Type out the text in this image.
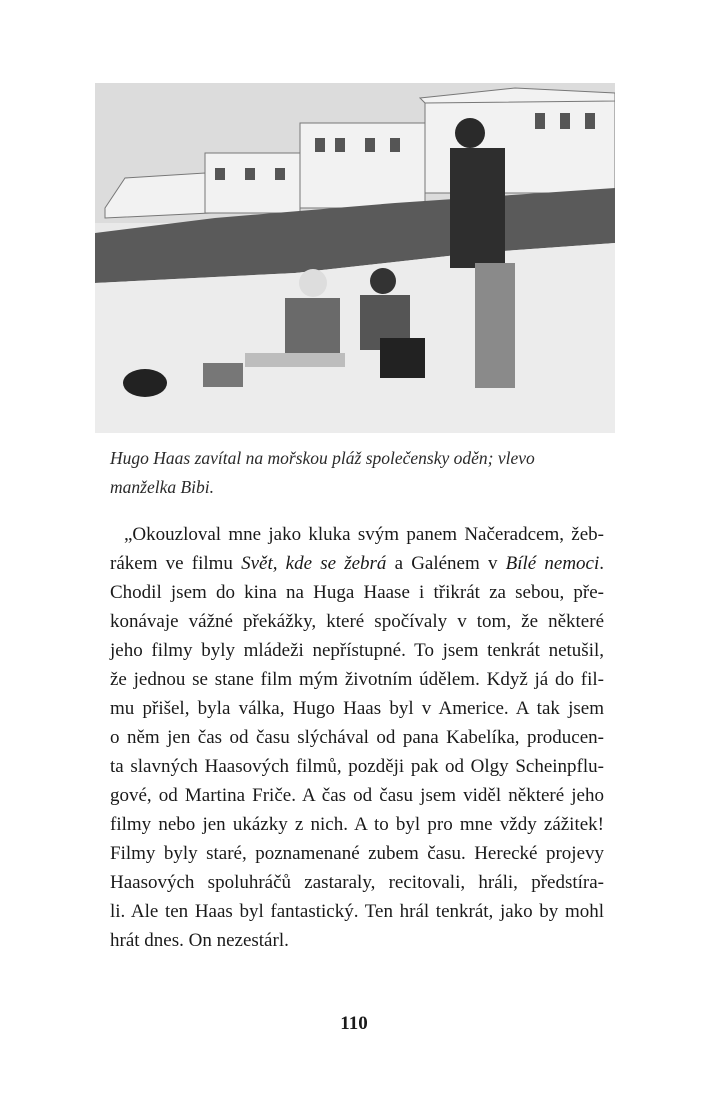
Hugo Haas zavítal na mořskou pláž společensky oděn; vlevo
manželka Bibi.
„Okouzloval mne jako kluka svým panem Načeradcem, žeb-
rákem ve filmu Svět, kde se žebrá a Galénem v Bílé nemoci.
Chodil jsem do kina na Huga Haase i třikrát za sebou, pře-
konávaje vážné překážky, které spočívaly v tom, že některé
jeho filmy byly mládeži nepřístupné. To jsem tenkrát netušil,
že jednou se stane film mým životním údělem. Když já do fil-
mu přišel, byla válka, Hugo Haas byl v Americe. A tak jsem
o něm jen čas od času slýchával od pana Kabelíka, producen-
ta slavných Haasových filmů, později pak od Olgy Scheinpflu-
gové, od Martina Friče. A čas od času jsem viděl některé jeho
filmy nebo jen ukázky z nich. A to byl pro mne vždy zážitek!
Filmy byly staré, poznamenané zubem času. Herecké projevy
Haasových spoluhráčů zastaraly, recitovali, hráli, předstíra-
li. Ale ten Haas byl fantastický. Ten hrál tenkrát, jako by mohl
hrát dnes. On nezestárl.
110
